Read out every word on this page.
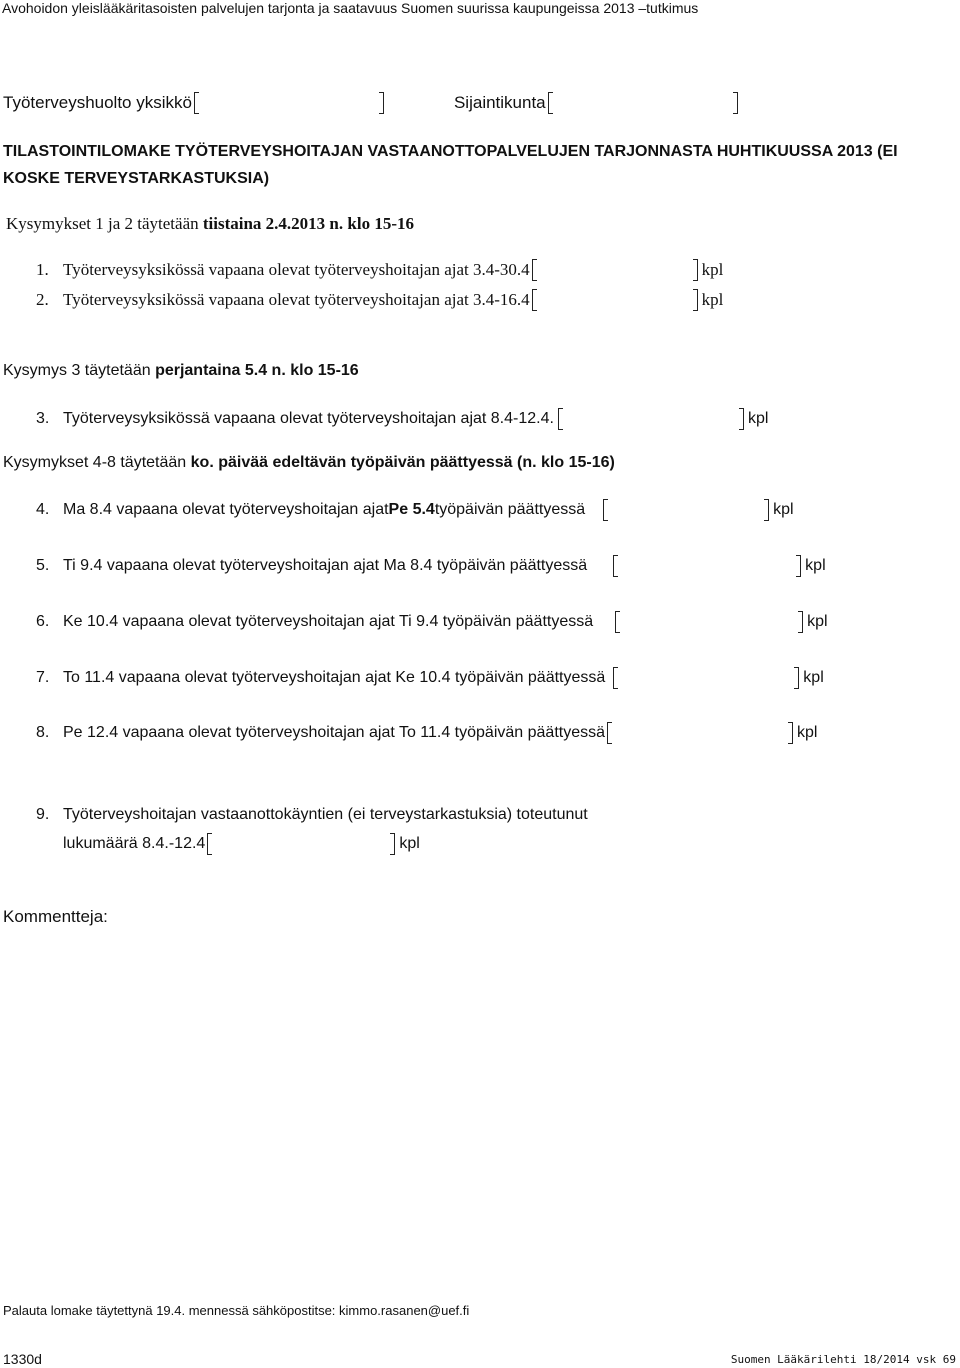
Avohoidon yleislääkäritasoisten palvelujen tarjonta ja saatavuus Suomen suurissa kaupungeissa 2013 –tutkimus
Työterveyshuolto yksikkö	Sijaintikunta
TILASTOINTILOMAKE TYÖTERVEYSHOITAJAN VASTAANOTTOPALVELUJEN TARJONNASTA HUHTIKUUSSA 2013 (EI
KOSKE TERVEYSTARKASTUKSIA)
Kysymykset 1 ja 2 täytetään tiistaina 2.4.2013 n. klo 15-16
1. Työterveysyksikössä vapaana olevat työterveyshoitajan ajat 3.4-30.4	kpl
2. Työterveysyksikössä vapaana olevat työterveyshoitajan ajat 3.4-16.4	kpl
Kysymys 3 täytetään perjantaina 5.4 n. klo 15-16
3. Työterveysyksikössä vapaana olevat työterveyshoitajan ajat 8.4-12.4.	kpl
Kysymykset 4-8 täytetään ko. päivää edeltävän työpäivän päättyessä (n. klo 15-16)
4. Ma 8.4 vapaana olevat työterveyshoitajan ajat Pe 5.4 työpäivän päättyessä	kpl
5. Ti 9.4 vapaana olevat työterveyshoitajan ajat Ma 8.4 työpäivän päättyessä	kpl
6. Ke 10.4 vapaana olevat työterveyshoitajan ajat Ti 9.4 työpäivän päättyessä	kpl
7. To 11.4 vapaana olevat työterveyshoitajan ajat Ke 10.4 työpäivän päättyessä	kpl
8. Pe 12.4 vapaana olevat työterveyshoitajan ajat To 11.4 työpäivän päättyessä	kpl
9. Työterveyshoitajan vastaanottokäyntien (ei terveystarkastuksia) toteutunut
lukumäärä 8.4.-12.4	kpl
Kommentteja:
Palauta lomake täytettynä 19.4. mennessä sähköpostitse: kimmo.rasanen@uef.fi
1330d	Suomen Lääkärilehti 18/2014 vsk 69
